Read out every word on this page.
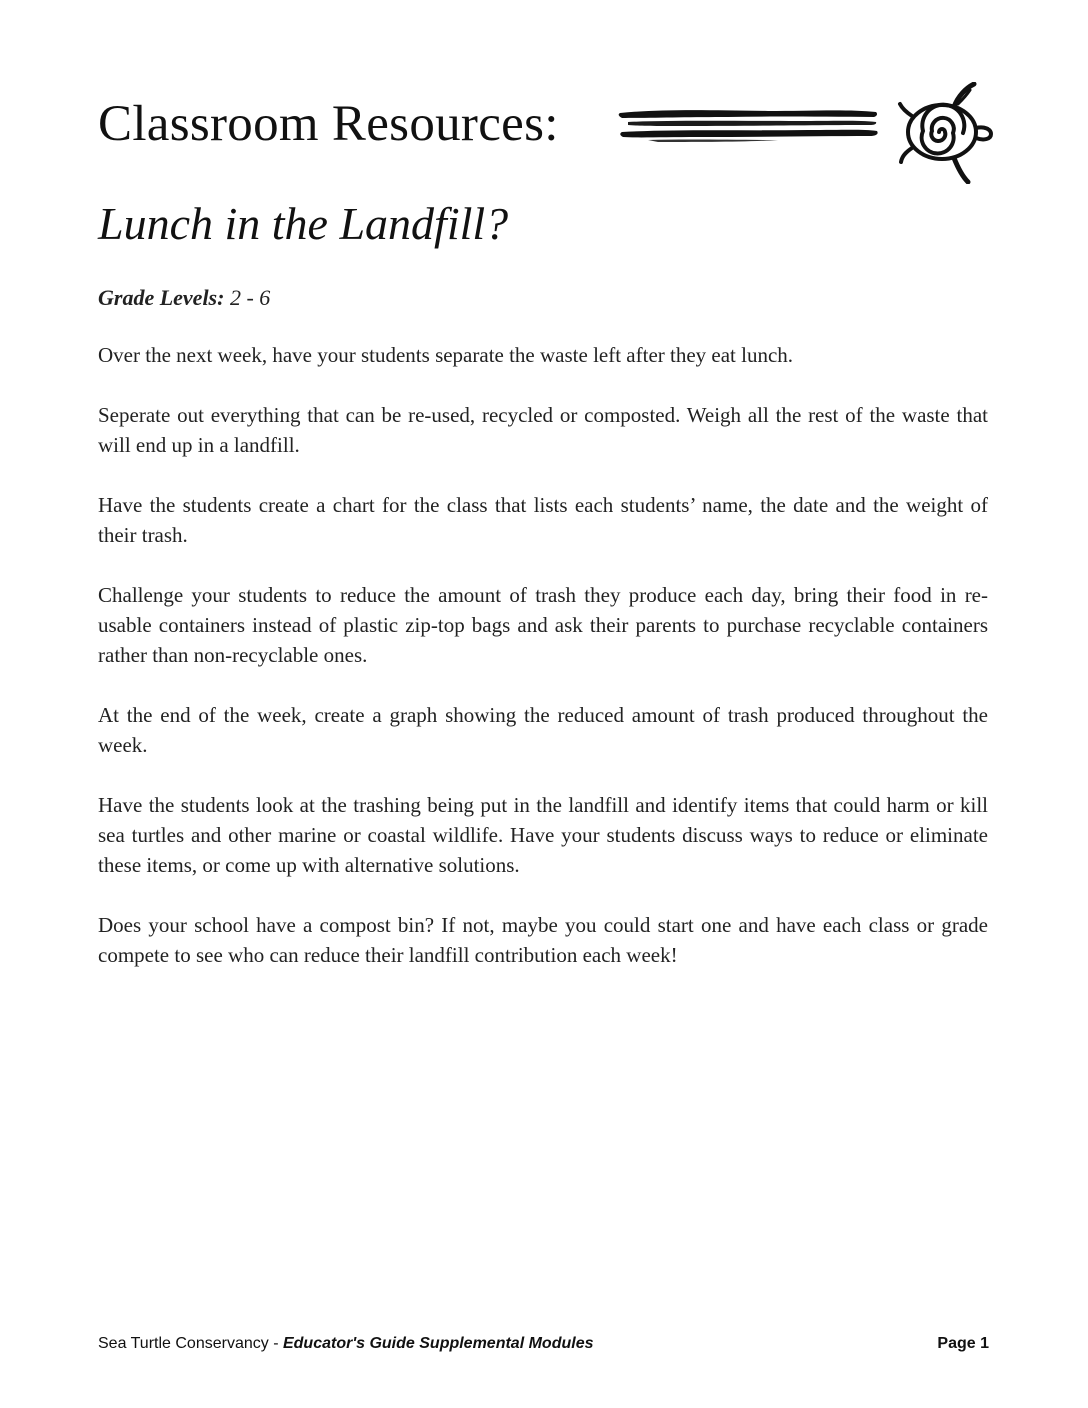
Classroom Resources:
Lunch in the Landfill?

Grade Levels: 2 - 6

Over the next week, have your students separate the waste left after they eat lunch.

Seperate out everything that can be re-used, recycled or composted. Weigh all the rest of the waste that will end up in a landfill.

Have the students create a chart for the class that lists each students’ name, the date and the weight of their trash.

Challenge your students to reduce the amount of trash they produce each day, bring their food in re-usable containers instead of plastic zip-top bags and ask their parents to purchase recyclable containers rather than non-recyclable ones.

At the end of the week, create a graph showing the reduced amount of trash produced throughout the week.

Have the students look at the trashing being put in the landfill and identify items that could harm or kill sea turtles and other marine or coastal wildlife. Have your students discuss ways to reduce or eliminate these items, or come up with alternative solutions.

Does your school have a compost bin? If not, maybe you could start one and have each class or grade compete to see who can reduce their landfill contribution each week!

Sea Turtle Conservancy - Educator's Guide Supplemental Modules	Page 1
